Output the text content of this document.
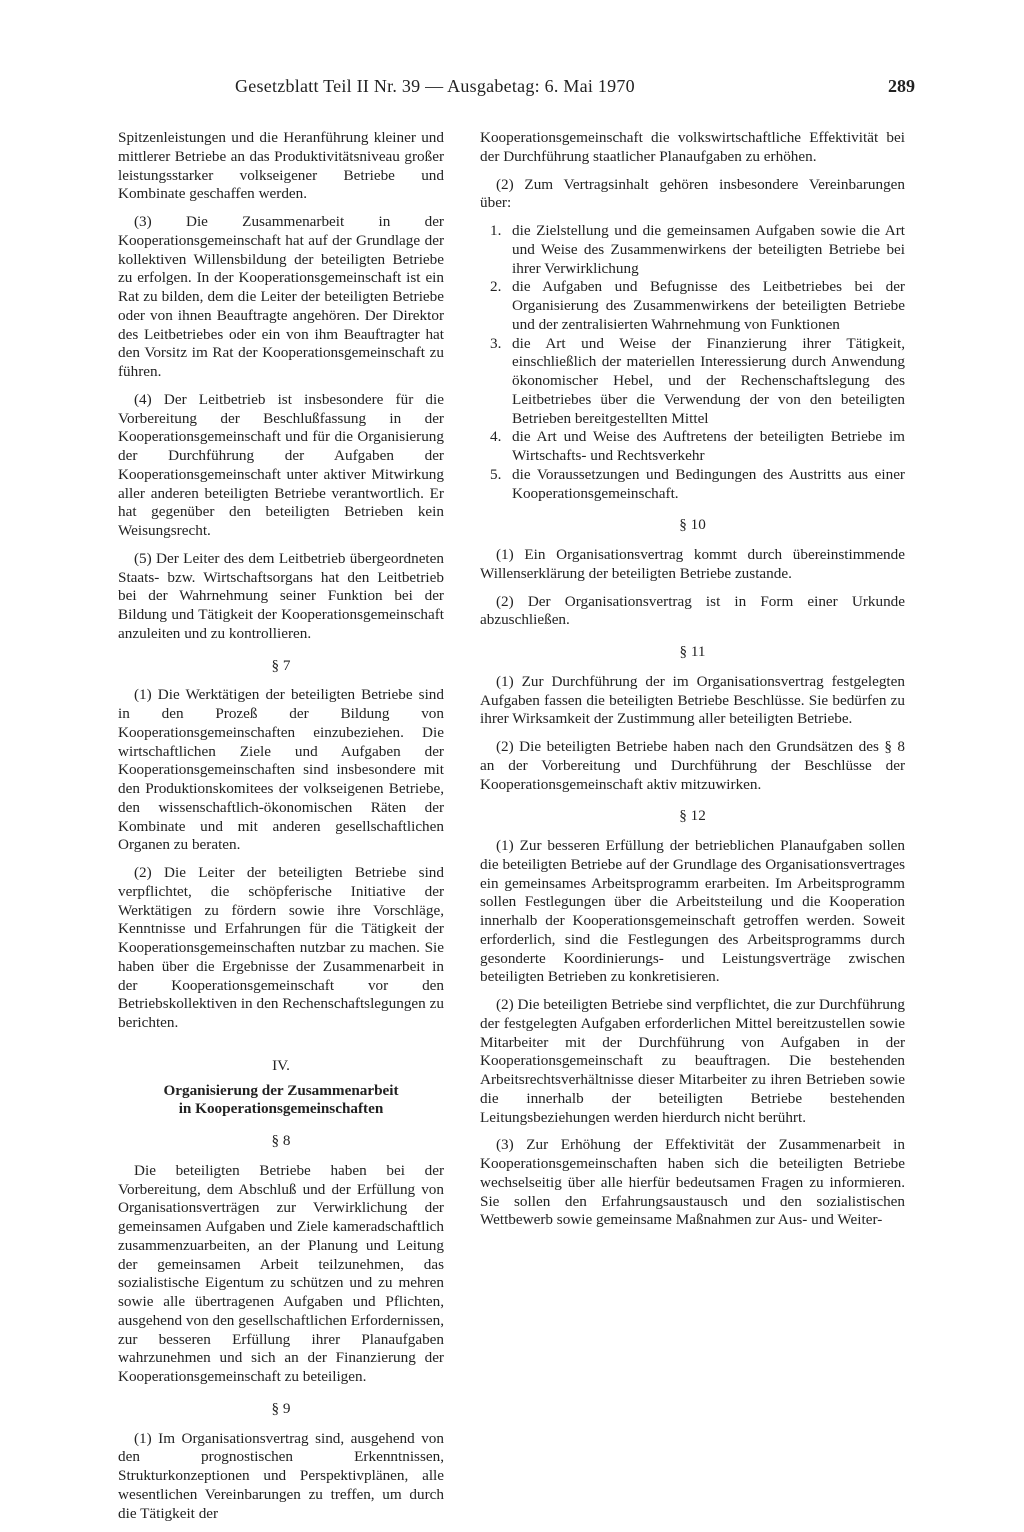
Gesetzblatt Teil II Nr. 39 — Ausgabetag: 6. Mai 1970	289

Spitzenleistungen und die Heranführung kleiner und mittlerer Betriebe an das Produktivitätsniveau großer leistungsstarker volkseigener Betriebe und Kombinate geschaffen werden.

(3) Die Zusammenarbeit in der Kooperationsgemeinschaft hat auf der Grundlage der kollektiven Willensbildung der beteiligten Betriebe zu erfolgen. In der Kooperationsgemeinschaft ist ein Rat zu bilden, dem die Leiter der beteiligten Betriebe oder von ihnen Beauftragte angehören. Der Direktor des Leitbetriebes oder ein von ihm Beauftragter hat den Vorsitz im Rat der Kooperationsgemeinschaft zu führen.

(4) Der Leitbetrieb ist insbesondere für die Vorbereitung der Beschlußfassung in der Kooperationsgemeinschaft und für die Organisierung der Durchführung der Aufgaben der Kooperationsgemeinschaft unter aktiver Mitwirkung aller anderen beteiligten Betriebe verantwortlich. Er hat gegenüber den beteiligten Betrieben kein Weisungsrecht.

(5) Der Leiter des dem Leitbetrieb übergeordneten Staats- bzw. Wirtschaftsorgans hat den Leitbetrieb bei der Wahrnehmung seiner Funktion bei der Bildung und Tätigkeit der Kooperationsgemeinschaft anzuleiten und zu kontrollieren.

§ 7

(1) Die Werktätigen der beteiligten Betriebe sind in den Prozeß der Bildung von Kooperationsgemeinschaften einzubeziehen. Die wirtschaftlichen Ziele und Aufgaben der Kooperationsgemeinschaften sind insbesondere mit den Produktionskomitees der volkseigenen Betriebe, den wissenschaftlich-ökonomischen Räten der Kombinate und mit anderen gesellschaftlichen Organen zu beraten.

(2) Die Leiter der beteiligten Betriebe sind verpflichtet, die schöpferische Initiative der Werktätigen zu fördern sowie ihre Vorschläge, Kenntnisse und Erfahrungen für die Tätigkeit der Kooperationsgemeinschaften nutzbar zu machen. Sie haben über die Ergebnisse der Zusammenarbeit in der Kooperationsgemeinschaft vor den Betriebskollektiven in den Rechenschaftslegungen zu berichten.

IV.
Organisierung der Zusammenarbeit
in Kooperationsgemeinschaften
§ 8

Die beteiligten Betriebe haben bei der Vorbereitung, dem Abschluß und der Erfüllung von Organisationsverträgen zur Verwirklichung der gemeinsamen Aufgaben und Ziele kameradschaftlich zusammenzuarbeiten, an der Planung und Leitung der gemeinsamen Arbeit teilzunehmen, das sozialistische Eigentum zu schützen und zu mehren sowie alle übertragenen Aufgaben und Pflichten, ausgehend von den gesellschaftlichen Erfordernissen, zur besseren Erfüllung ihrer Planaufgaben wahrzunehmen und sich an der Finanzierung der Kooperationsgemeinschaft zu beteiligen.

§ 9

(1) Im Organisationsvertrag sind, ausgehend von den prognostischen Erkenntnissen, Strukturkonzeptionen und Perspektivplänen, alle wesentlichen Vereinbarungen zu treffen, um durch die Tätigkeit der

Kooperationsgemeinschaft die volkswirtschaftliche Effektivität bei der Durchführung staatlicher Planaufgaben zu erhöhen.

(2) Zum Vertragsinhalt gehören insbesondere Vereinbarungen über:

1. die Zielstellung und die gemeinsamen Aufgaben sowie die Art und Weise des Zusammenwirkens der beteiligten Betriebe bei ihrer Verwirklichung
2. die Aufgaben und Befugnisse des Leitbetriebes bei der Organisierung des Zusammenwirkens der beteiligten Betriebe und der zentralisierten Wahrnehmung von Funktionen
3. die Art und Weise der Finanzierung ihrer Tätigkeit, einschließlich der materiellen Interessierung durch Anwendung ökonomischer Hebel, und der Rechenschaftslegung des Leitbetriebes über die Verwendung der von den beteiligten Betrieben bereitgestellten Mittel
4. die Art und Weise des Auftretens der beteiligten Betriebe im Wirtschafts- und Rechtsverkehr
5. die Voraussetzungen und Bedingungen des Austritts aus einer Kooperationsgemeinschaft.
§ 10

(1) Ein Organisationsvertrag kommt durch übereinstimmende Willenserklärung der beteiligten Betriebe zustande.

(2) Der Organisationsvertrag ist in Form einer Urkunde abzuschließen.

§ 11

(1) Zur Durchführung der im Organisationsvertrag festgelegten Aufgaben fassen die beteiligten Betriebe Beschlüsse. Sie bedürfen zu ihrer Wirksamkeit der Zustimmung aller beteiligten Betriebe.

(2) Die beteiligten Betriebe haben nach den Grundsätzen des § 8 an der Vorbereitung und Durchführung der Beschlüsse der Kooperationsgemeinschaft aktiv mitzuwirken.

§ 12

(1) Zur besseren Erfüllung der betrieblichen Planaufgaben sollen die beteiligten Betriebe auf der Grundlage des Organisationsvertrages ein gemeinsames Arbeitsprogramm erarbeiten. Im Arbeitsprogramm sollen Festlegungen über die Arbeitsteilung und die Kooperation innerhalb der Kooperationsgemeinschaft getroffen werden. Soweit erforderlich, sind die Festlegungen des Arbeitsprogramms durch gesonderte Koordinierungs- und Leistungsverträge zwischen beteiligten Betrieben zu konkretisieren.

(2) Die beteiligten Betriebe sind verpflichtet, die zur Durchführung der festgelegten Aufgaben erforderlichen Mittel bereitzustellen sowie Mitarbeiter mit der Durchführung von Aufgaben in der Kooperationsgemeinschaft zu beauftragen. Die bestehenden Arbeitsrechtsverhältnisse dieser Mitarbeiter zu ihren Betrieben sowie die innerhalb der beteiligten Betriebe bestehenden Leitungsbeziehungen werden hierdurch nicht berührt.

(3) Zur Erhöhung der Effektivität der Zusammenarbeit in Kooperationsgemeinschaften haben sich die beteiligten Betriebe wechselseitig über alle hierfür bedeutsamen Fragen zu informieren. Sie sollen den Erfahrungsaustausch und den sozialistischen Wettbewerb sowie gemeinsame Maßnahmen zur Aus- und Weiter-
